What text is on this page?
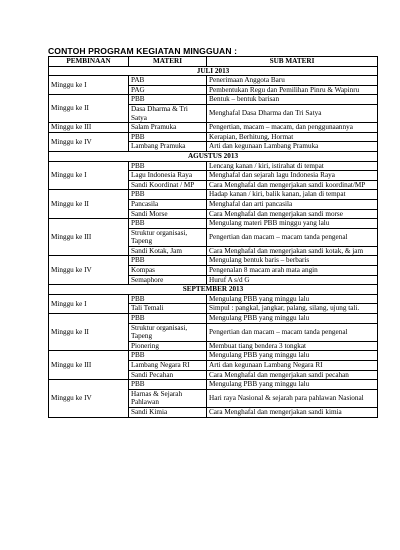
CONTOH PROGRAM KEGIATAN MINGGUAN :
PEMBINAAN	MATERI	SUB MATERI
JULI 2013		
Minggu ke I	PAB	Penerimaan Anggota Baru
	PAG	Pembentukan Regu dan Pemilihan Pinru & Wapinru
Minggu ke II	PBB	Bentuk – bentuk barisan
	Dasa Dharma & Tri Satya	Menghafal Dasa Dharma dan Tri Satya
Minggu ke III	Salam Pramuka	Pengertian, macam – macam, dan penggunaannya
Minggu ke IV	PBB	Kerapian, Berhitung, Hormat
	Lambang Pramuka	Arti dan kegunaan Lambang Pramuka
AGUSTUS 2013		
Minggu ke I	PBB	Lencang kanan / kiri, istirahat di tempat
	Lagu Indonesia Raya	Menghafal dan sejarah lagu Indonesia Raya
	Sandi Koordinat / MP	Cara Menghafal dan mengerjakan sandi koordinat/MP
Minggu ke II	PBB	Hadap kanan / kiri, balik kanan, jalan di tempat
	Pancasila	Menghafal dan arti pancasila
	Sandi Morse	Cara Menghafal dan mengerjakan sandi morse
Minggu ke III	PBB	Mengulang materi PBB minggu yang lalu
	Struktur organisasi, Tapeng	Pengertian dan macam – macam tanda pengenal
	Sandi Kotak, Jam	Cara Menghafal dan mengerjakan sandi kotak, & jam
Minggu ke IV	PBB	Mengulang bentuk baris – berbaris
	Kompas	Pengenalan 8 macam arah mata angin
	Semaphore	Huruf A s/d G
SEPTEMBER 2013		
Minggu ke I	PBB	Mengulang PBB yang minggu lalu
	Tali Temali	Simpul : pangkal, jangkar, palang, silang, ujung tali.
Minggu ke II	PBB	Mengulang PBB yang minggu lalu
	Struktur organisasi, Tapeng	Pengertian dan macam – macam tanda pengenal
	Pionering	Membuat tiang bendera 3 tongkat
Minggu ke III	PBB	Mengulang PBB yang minggu lalu
	Lambang Negara RI	Arti dan kegunaan Lambang Negara RI
	Sandi Pecahan	Cara Menghafal dan mengerjakan sandi pecahan
Minggu ke IV	PBB	Mengulang PBB yang minggu lalu
	Harnas & Sejarah Pahlawan	Hari raya Nasional & sejarah para pahlawan Nasional
	Sandi Kimia	Cara Menghafal dan mengerjakan sandi kimia
